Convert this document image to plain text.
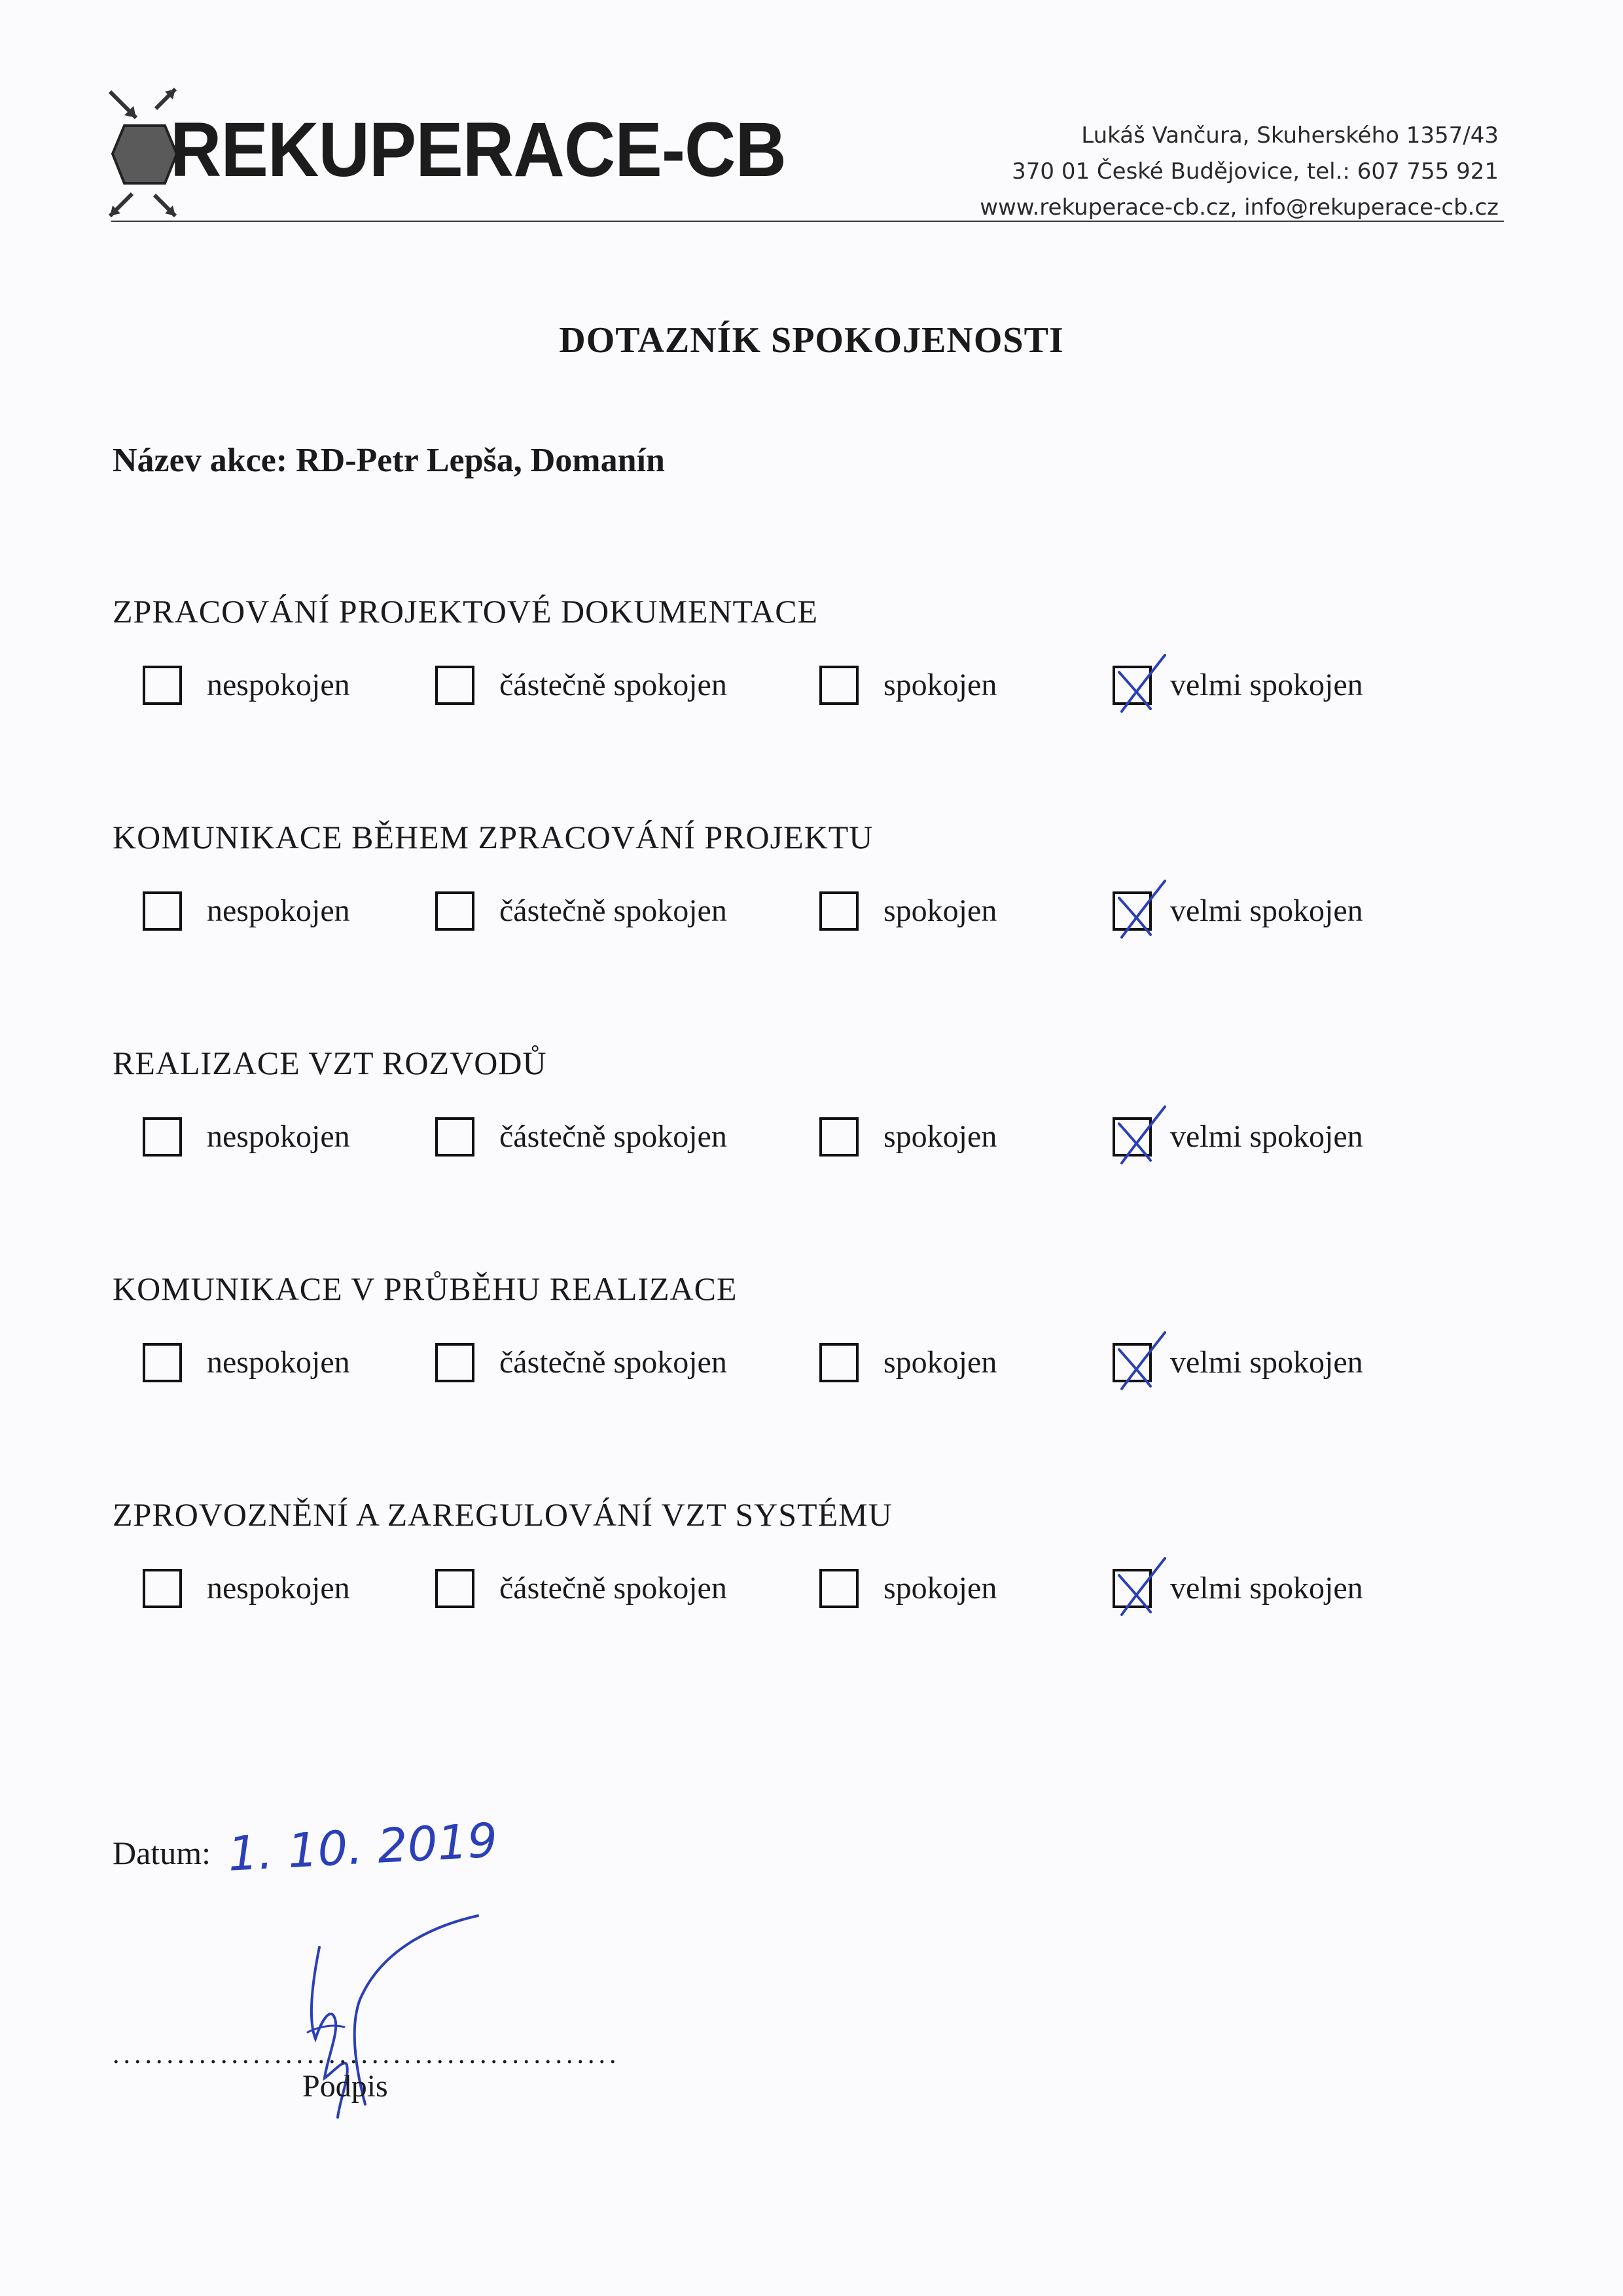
REKUPERACE-CB	Lukáš Vančura, Skuherského 1357/43
370 01 České Budějovice, tel.: 607 755 921
www.rekuperace-cb.cz, info@rekuperace-cb.cz
DOTAZNÍK SPOKOJENOSTI
Název akce: RD-Petr Lepša, Domanín
ZPRACOVÁNÍ PROJEKTOVÉ DOKUMENTACE
nespokojen	částečně spokojen	spokojen	velmi spokojen
KOMUNIKACE BĚHEM ZPRACOVÁNÍ PROJEKTU
nespokojen	částečně spokojen	spokojen	velmi spokojen
REALIZACE VZT ROZVODŮ
nespokojen	částečně spokojen	spokojen	velmi spokojen
KOMUNIKACE V PRŮBĚHU REALIZACE
nespokojen	částečně spokojen	spokojen	velmi spokojen
ZPROVOZNĚNÍ A ZAREGULOVÁNÍ VZT SYSTÉMU
nespokojen	částečně spokojen	spokojen	velmi spokojen
Datum: 1. 10. 2019
...............................................
Podpis
